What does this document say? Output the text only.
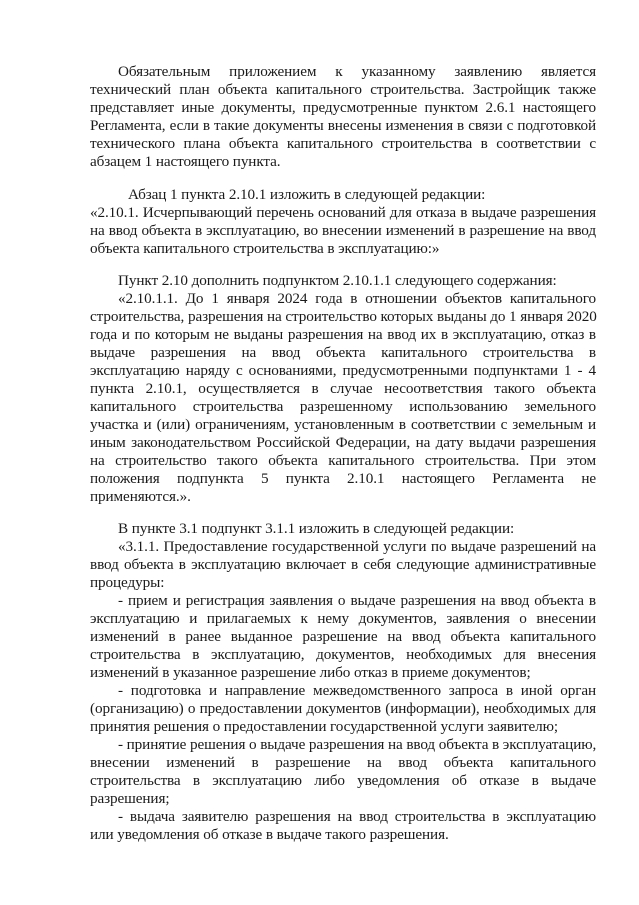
Обязательным приложением к указанному заявлению является
технический план объекта капитального строительства. Застройщик также
представляет иные документы, предусмотренные пунктом 2.6.1 настоящего
Регламента, если в такие документы внесены изменения в связи с подготовкой
технического плана объекта капитального строительства в соответствии с
абзацем 1 настоящего пункта.
Абзац 1 пункта 2.10.1 изложить в следующей редакции:
«2.10.1. Исчерпывающий перечень оснований для отказа в выдаче разрешения
на ввод объекта в эксплуатацию, во внесении изменений в разрешение на ввод
объекта капитального строительства в эксплуатацию:»
Пункт 2.10 дополнить подпунктом 2.10.1.1 следующего содержания:
«2.10.1.1. До 1 января 2024 года в отношении объектов капитального
строительства, разрешения на строительство которых выданы до 1 января 2020
года и по которым не выданы разрешения на ввод их в эксплуатацию, отказ в
выдаче разрешения на ввод объекта капитального строительства в
эксплуатацию наряду с основаниями, предусмотренными подпунктами 1 - 4
пункта 2.10.1, осуществляется в случае несоответствия такого объекта
капитального строительства разрешенному использованию земельного
участка и (или) ограничениям, установленным в соответствии с земельным и
иным законодательством Российской Федерации, на дату выдачи разрешения
на строительство такого объекта капитального строительства. При этом
положения подпункта 5 пункта 2.10.1 настоящего Регламента не
применяются.».
В пункте 3.1 подпункт 3.1.1 изложить в следующей редакции:
«3.1.1. Предоставление государственной услуги по выдаче разрешений на
ввод объекта в эксплуатацию включает в себя следующие административные
процедуры:
- прием и регистрация заявления о выдаче разрешения на ввод объекта в
эксплуатацию и прилагаемых к нему документов, заявления о внесении
изменений в ранее выданное разрешение на ввод объекта капитального
строительства в эксплуатацию, документов, необходимых для внесения
изменений в указанное разрешение либо отказ в приеме документов;
- подготовка и направление межведомственного запроса в иной орган
(организацию) о предоставлении документов (информации), необходимых для
принятия решения о предоставлении государственной услуги заявителю;
- принятие решения о выдаче разрешения на ввод объекта в эксплуатацию,
внесении изменений в разрешение на ввод объекта капитального
строительства в эксплуатацию либо уведомления об отказе в выдаче
разрешения;
- выдача заявителю разрешения на ввод строительства в эксплуатацию
или уведомления об отказе в выдаче такого разрешения.
